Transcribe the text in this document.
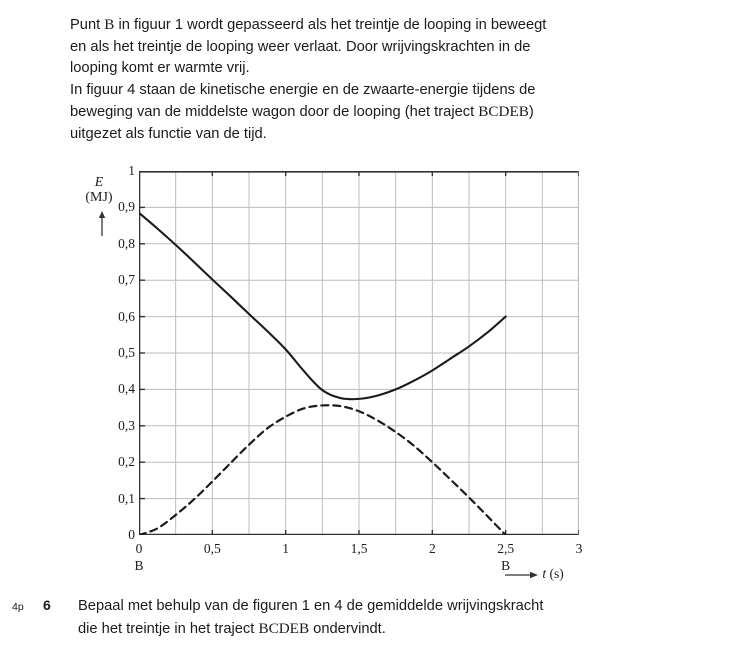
Punt B in figuur 1 wordt gepasseerd als het treintje de looping in beweegt
en als het treintje de looping weer verlaat. Door wrijvingskrachten in de
looping komt er warmte vrij.
In figuur 4 staan de kinetische energie en de zwaarte-energie tijdens de
beweging van de middelste wagon door de looping (het traject BCDEB)
uitgezet als functie van de tijd.
E
(MJ)
0
0,1
0,2
0,3
0,4
0,5
0,6
0,7
0,8
0,9
1
0	0,5	1	1,5	2	2,5	3
B	B
t (s)
4p 6 Bepaal met behulp van de figuren 1 en 4 de gemiddelde wrijvingskracht
die het treintje in het traject BCDEB ondervindt.
